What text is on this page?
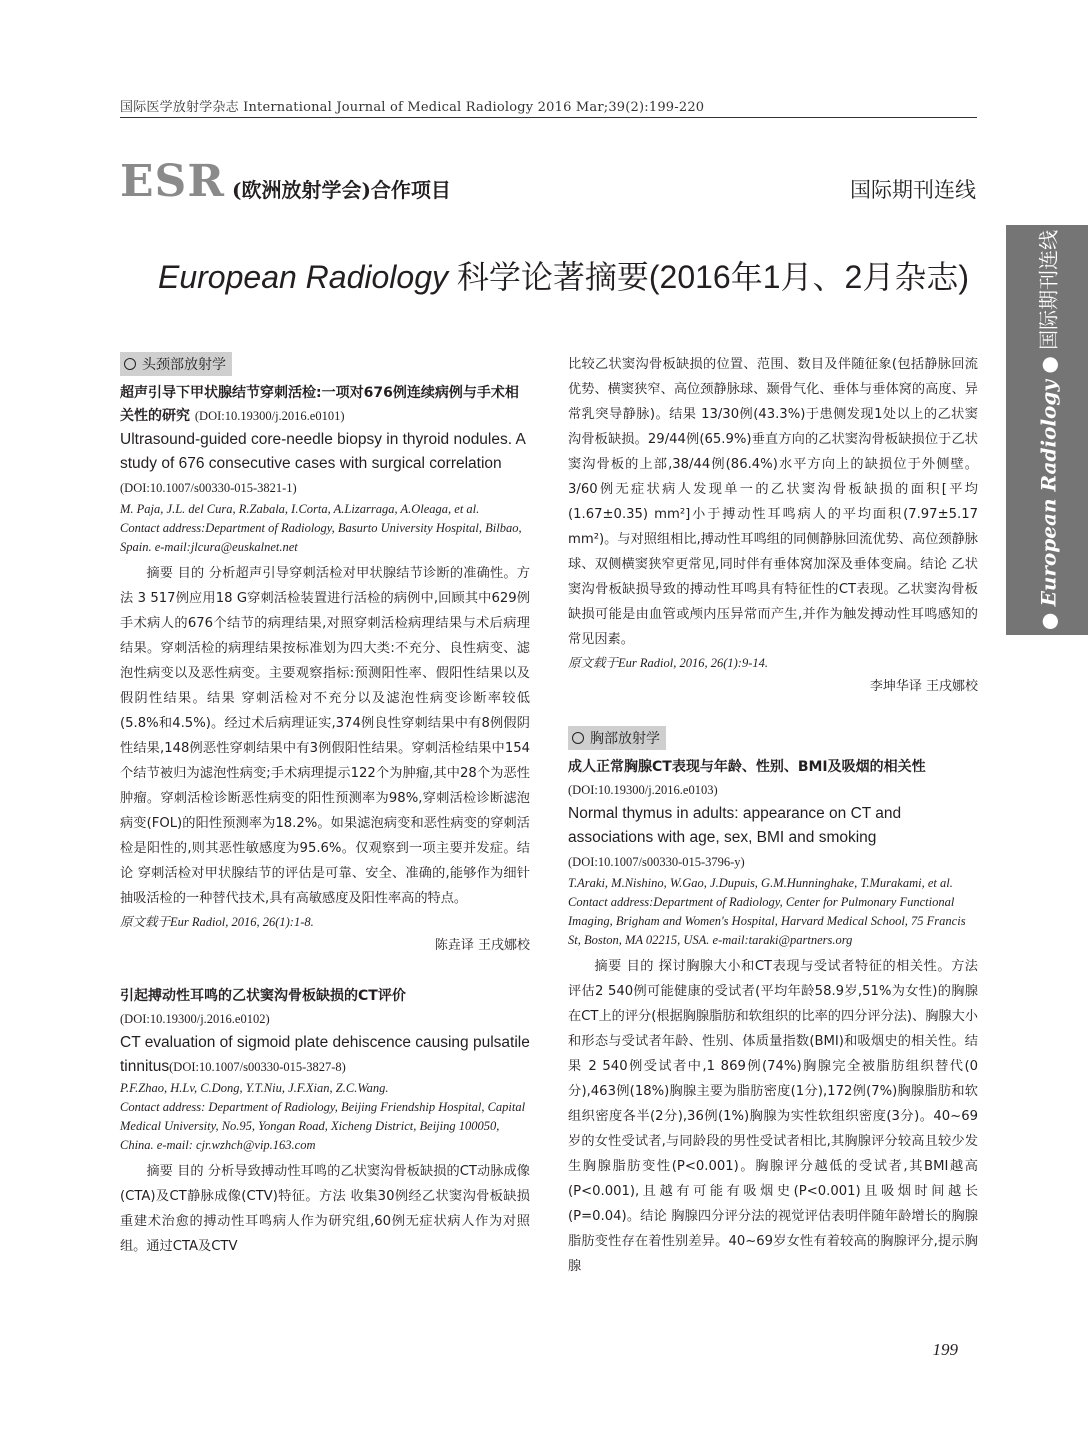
国际医学放射学杂志 International Journal of Medical Radiology 2016 Mar;39(2):199-220
ESR (欧洲放射学会)合作项目	国际期刊连线
European Radiology 科学论著摘要(2016年1月、2月杂志)
● European Radiology ● 国际期刊连线
头颈部放射学
超声引导下甲状腺结节穿刺活检:一项对676例连续病例与手术相关性的研究 (DOI:10.19300/j.2016.e0101)
Ultrasound-guided core-needle biopsy in thyroid nodules. A study of 676 consecutive cases with surgical correlation
(DOI:10.1007/s00330-015-3821-1)
M. Paja, J.L. del Cura, R.Zabala, I.Corta, A.Lizarraga, A.Oleaga, et al.
Contact address:Department of Radiology, Basurto University Hospital, Bilbao, Spain. e-mail:jlcura@euskalnet.net
摘要 目的 分析超声引导穿刺活检对甲状腺结节诊断的准确性。方法 3 517例应用18 G穿刺活检装置进行活检的病例中,回顾其中629例手术病人的676个结节的病理结果,对照穿刺活检病理结果与术后病理结果。穿刺活检的病理结果按标准划为四大类:不充分、良性病变、滤泡性病变以及恶性病变。主要观察指标:预测阳性率、假阳性结果以及假阴性结果。结果 穿刺活检对不充分以及滤泡性病变诊断率较低(5.8%和4.5%)。经过术后病理证实,374例良性穿刺结果中有8例假阴性结果,148例恶性穿刺结果中有3例假阳性结果。穿刺活检结果中154个结节被归为滤泡性病变;手术病理提示122个为肿瘤,其中28个为恶性肿瘤。穿刺活检诊断恶性病变的阳性预测率为98%,穿刺活检诊断滤泡病变(FOL)的阳性预测率为18.2%。如果滤泡病变和恶性病变的穿刺活检是阳性的,则其恶性敏感度为95.6%。仅观察到一项主要并发症。结论 穿刺活检对甲状腺结节的评估是可靠、安全、准确的,能够作为细针抽吸活检的一种替代技术,具有高敏感度及阳性率高的特点。
原文载于Eur Radiol, 2016, 26(1):1-8.
陈垚译 王戌娜校
引起搏动性耳鸣的乙状窦沟骨板缺损的CT评价 (DOI:10.19300/j.2016.e0102)
CT evaluation of sigmoid plate dehiscence causing pulsatile tinnitus(DOI:10.1007/s00330-015-3827-8)
P.F.Zhao, H.Lv, C.Dong, Y.T.Niu, J.F.Xian, Z.C.Wang.
Contact address: Department of Radiology, Beijing Friendship Hospital, Capital Medical University, No.95, Yongan Road, Xicheng District, Beijing 100050, China. e-mail: cjr.wzhch@vip.163.com
摘要 目的 分析导致搏动性耳鸣的乙状窦沟骨板缺损的CT动脉成像(CTA)及CT静脉成像(CTV)特征。方法 收集30例经乙状窦沟骨板缺损重建术治愈的搏动性耳鸣病人作为研究组,60例无症状病人作为对照组。通过CTA及CTV
比较乙状窦沟骨板缺损的位置、范围、数目及伴随征象(包括静脉回流优势、横窦狭窄、高位颈静脉球、颞骨气化、垂体与垂体窝的高度、异常乳突导静脉)。结果 13/30例(43.3%)于患侧发现1处以上的乙状窦沟骨板缺损。29/44例(65.9%)垂直方向的乙状窦沟骨板缺损位于乙状窦沟骨板的上部,38/44例(86.4%)水平方向上的缺损位于外侧壁。3/60例无症状病人发现单一的乙状窦沟骨板缺损的面积[平均(1.67±0.35) mm²]小于搏动性耳鸣病人的平均面积(7.97±5.17 mm²)。与对照组相比,搏动性耳鸣组的同侧静脉回流优势、高位颈静脉球、双侧横窦狭窄更常见,同时伴有垂体窝加深及垂体变扁。结论 乙状窦沟骨板缺损导致的搏动性耳鸣具有特征性的CT表现。乙状窦沟骨板缺损可能是由血管或颅内压异常而产生,并作为触发搏动性耳鸣感知的常见因素。
原文载于Eur Radiol, 2016, 26(1):9-14.
李坤华译 王戌娜校
胸部放射学
成人正常胸腺CT表现与年龄、性别、BMI及吸烟的相关性
(DOI:10.19300/j.2016.e0103)
Normal thymus in adults: appearance on CT and associations with age, sex, BMI and smoking (DOI:10.1007/s00330-015-3796-y)
T.Araki, M.Nishino, W.Gao, J.Dupuis, G.M.Hunninghake, T.Murakami, et al.
Contact address:Department of Radiology, Center for Pulmonary Functional Imaging, Brigham and Women's Hospital, Harvard Medical School, 75 Francis St, Boston, MA 02215, USA. e-mail:taraki@partners.org
摘要 目的 探讨胸腺大小和CT表现与受试者特征的相关性。方法 评估2 540例可能健康的受试者(平均年龄58.9岁,51%为女性)的胸腺在CT上的评分(根据胸腺脂肪和软组织的比率的四分评分法)、胸腺大小和形态与受试者年龄、性别、体质量指数(BMI)和吸烟史的相关性。结果 2 540例受试者中,1 869例(74%)胸腺完全被脂肪组织替代(0分),463例(18%)胸腺主要为脂肪密度(1分),172例(7%)胸腺脂肪和软组织密度各半(2分),36例(1%)胸腺为实性软组织密度(3分)。40~69岁的女性受试者,与同龄段的男性受试者相比,其胸腺评分较高且较少发生胸腺脂肪变性(P<0.001)。胸腺评分越低的受试者,其BMI越高(P<0.001),且越有可能有吸烟史(P<0.001)且吸烟时间越长(P=0.04)。结论 胸腺四分评分法的视觉评估表明伴随年龄增长的胸腺脂肪变性存在着性别差异。40~69岁女性有着较高的胸腺评分,提示胸腺
199
